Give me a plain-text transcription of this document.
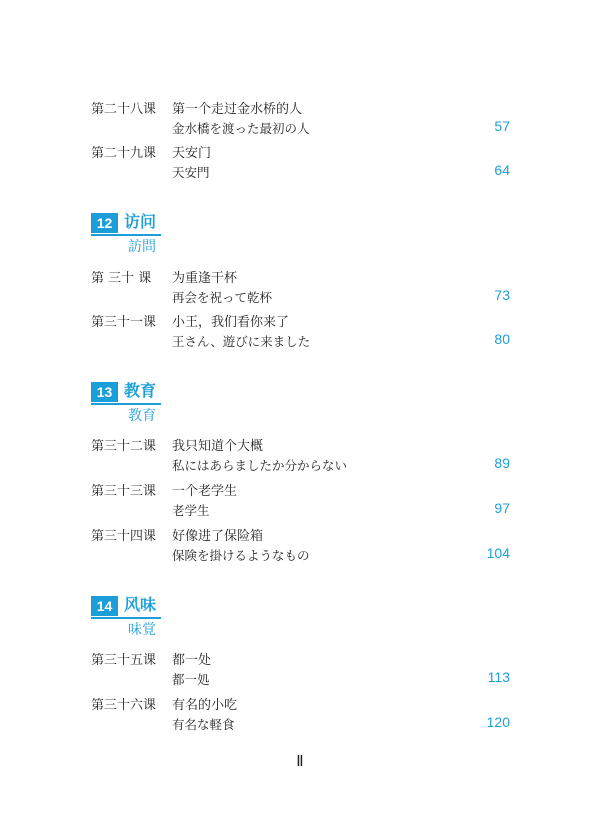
第二十八课 第一个走过金水桥的人
金水橋を渡った最初の人	57
第二十九课 天安门
天安門	64
12 访问
訪問
第 三十 课 为重逢干杯
再会を祝って乾杯	73
第三十一课 小王，我们看你来了
王さん、遊びに来ました	80
13 教育
教育
第三十二课 我只知道个大概
私にはあらましたか分からない	89
第三十三课 一个老学生
老学生	97
第三十四课 好像进了保险箱
保険を掛けるようなもの	104
14 风味
味覚
第三十五课 都一处
都一処	113
第三十六课 有名的小吃
有名な軽食	120
Ⅱ
